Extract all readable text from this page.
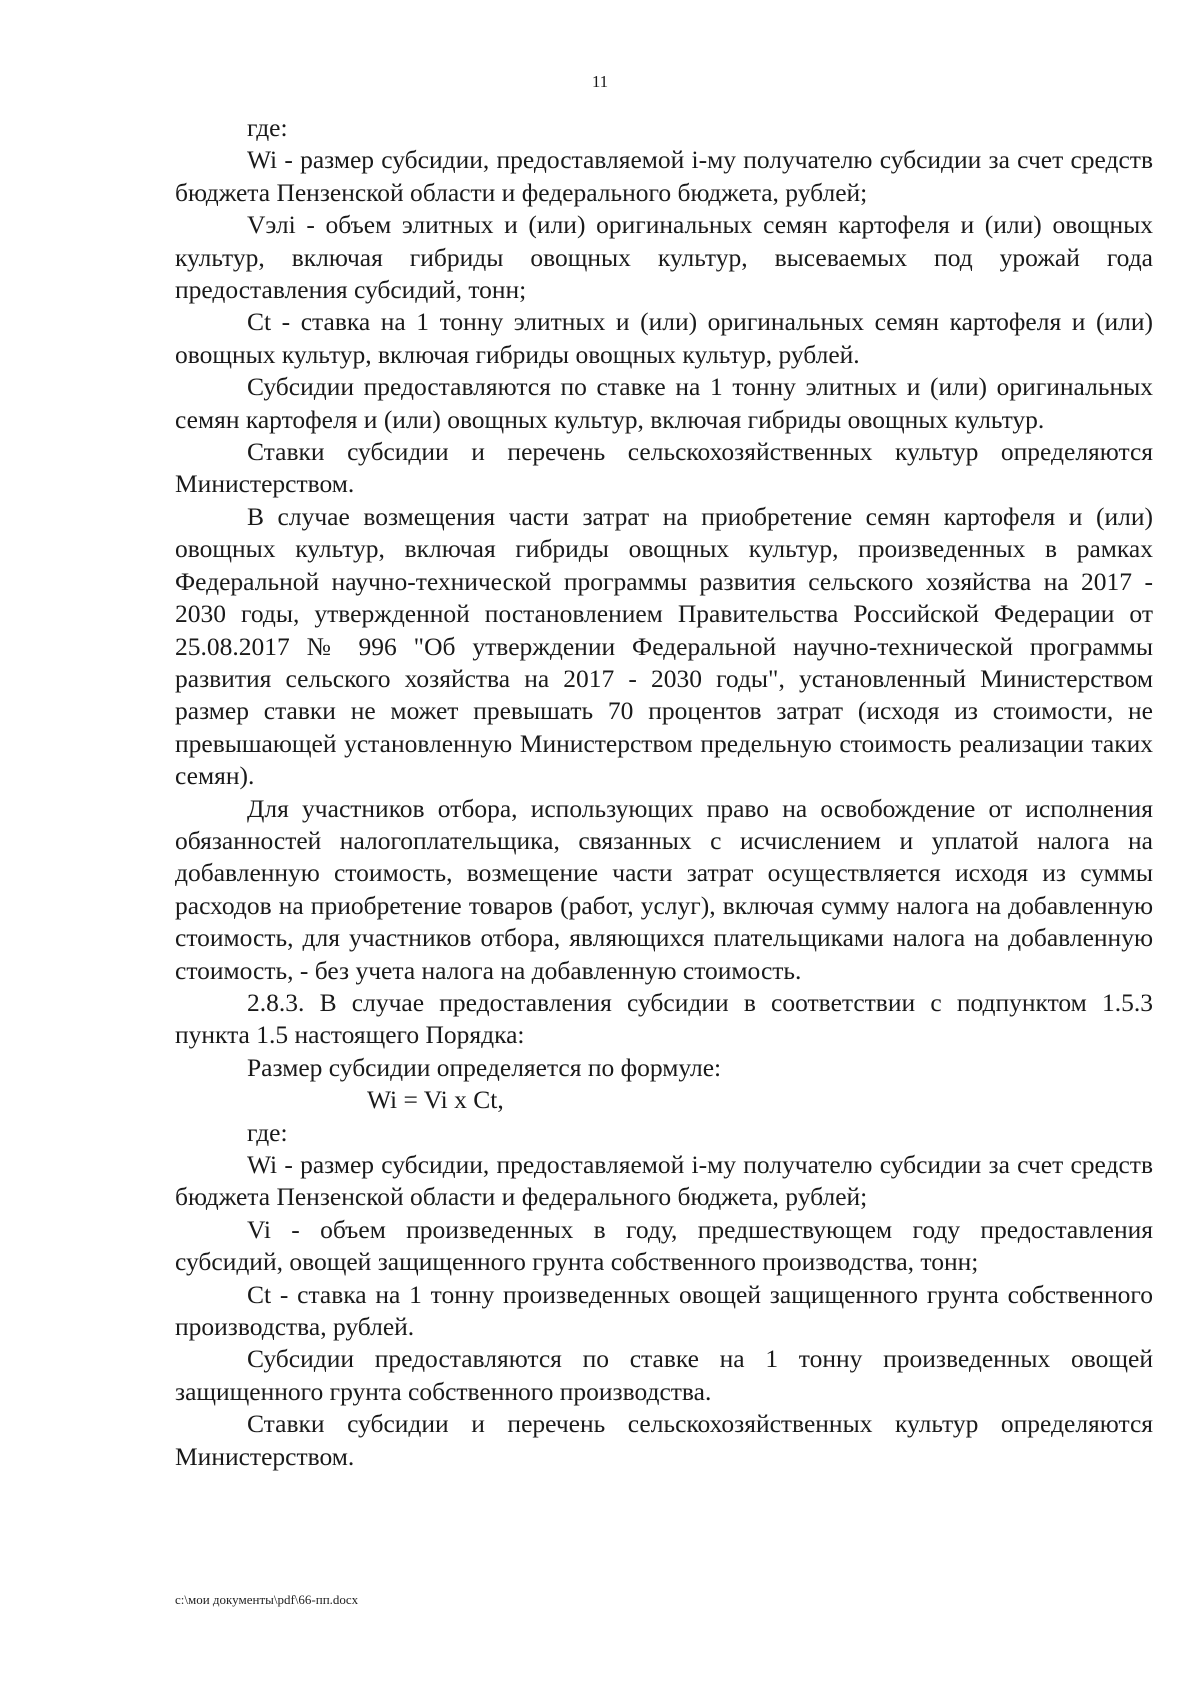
11

где:

Wi - размер субсидии, предоставляемой i-му получателю субсидии за счет средств бюджета Пензенской области и федерального бюджета, рублей;

Vэлi - объем элитных и (или) оригинальных семян картофеля и (или) овощных культур, включая гибриды овощных культур, высеваемых под урожай года предоставления субсидий, тонн;

Ct - ставка на 1 тонну элитных и (или) оригинальных семян картофеля и (или) овощных культур, включая гибриды овощных культур, рублей.

Субсидии предоставляются по ставке на 1 тонну элитных и (или) оригинальных семян картофеля и (или) овощных культур, включая гибриды овощных культур.

Ставки субсидии и перечень сельскохозяйственных культур определяются Министерством.

В случае возмещения части затрат на приобретение семян картофеля и (или) овощных культур, включая гибриды овощных культур, произведенных в рамках Федеральной научно-технической программы развития сельского хозяйства на 2017 - 2030 годы, утвержденной постановлением Правительства Российской Федерации от 25.08.2017 № 996 "Об утверждении Федеральной научно-технической программы развития сельского хозяйства на 2017 - 2030 годы", установленный Министерством размер ставки не может превышать 70 процентов затрат (исходя из стоимости, не превышающей установленную Министерством предельную стоимость реализации таких семян).

Для участников отбора, использующих право на освобождение от исполнения обязанностей налогоплательщика, связанных с исчислением и уплатой налога на добавленную стоимость, возмещение части затрат осуществляется исходя из суммы расходов на приобретение товаров (работ, услуг), включая сумму налога на добавленную стоимость, для участников отбора, являющихся плательщиками налога на добавленную стоимость, - без учета налога на добавленную стоимость.

2.8.3. В случае предоставления субсидии в соответствии с подпунктом 1.5.3 пункта 1.5 настоящего Порядка:

Размер субсидии определяется по формуле:

Wi = Vi x Ct,

где:

Wi - размер субсидии, предоставляемой i-му получателю субсидии за счет средств бюджета Пензенской области и федерального бюджета, рублей;

Vi - объем произведенных в году, предшествующем году предоставления субсидий, овощей защищенного грунта собственного производства, тонн;

Ct - ставка на 1 тонну произведенных овощей защищенного грунта собственного производства, рублей.

Субсидии предоставляются по ставке на 1 тонну произведенных овощей защищенного грунта собственного производства.

Ставки субсидии и перечень сельскохозяйственных культур определяются Министерством.

c:\мои документы\pdf\66-пп.docx
